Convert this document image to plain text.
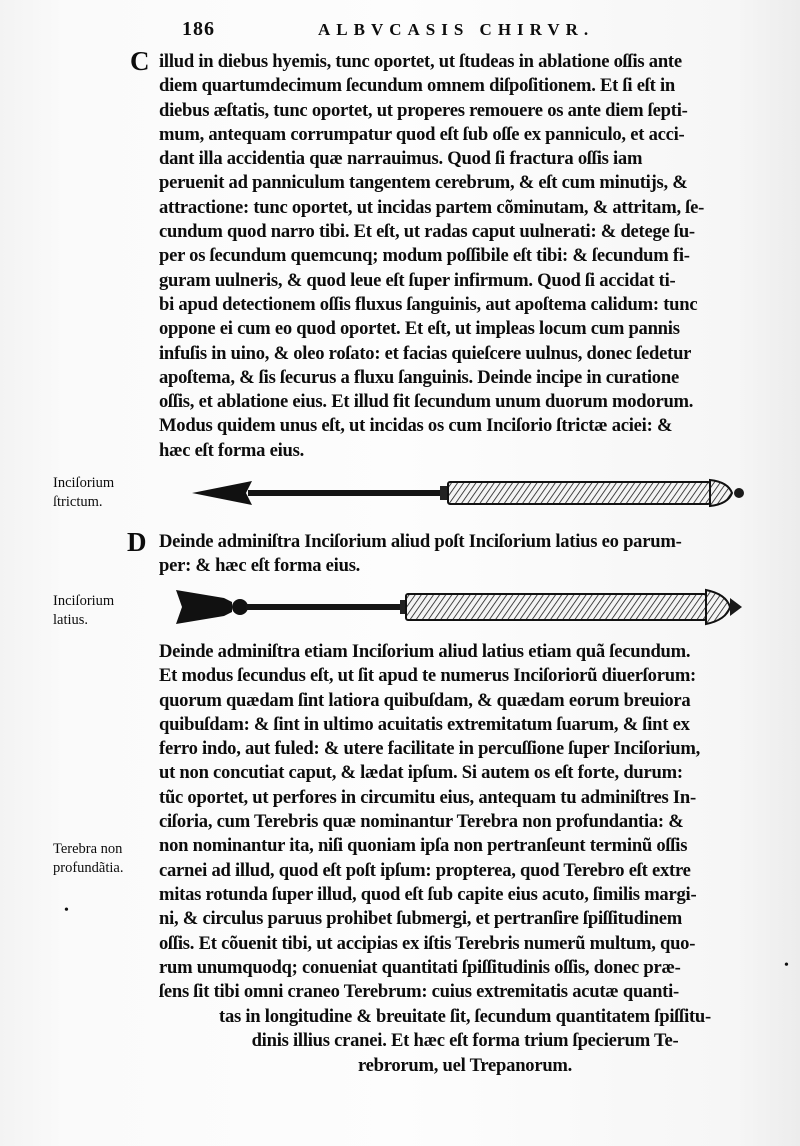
186	ALBVCASIS CHIRVR.
C illud in diebus hyemis, tunc oportet, ut ſtudeas in ablatione oſſis ante
diem quartumdecimum ſecundum omnem diſpoſitionem. Et ſi eſt in
diebus æſtatis, tunc oportet, ut properes remouere os ante diem ſepti-
mum, antequam corrumpatur quod eſt ſub oſſe ex panniculo, et acci-
dant illa accidentia quæ narrauimus. Quod ſi fractura oſſis iam
peruenit ad panniculum tangentem cerebrum, & eſt cum minutijs, &
attractione: tunc oportet, ut incidas partem cõminutam, & attritam, ſe-
cundum quod narro tibi. Et eſt, ut radas caput uulnerati: & detege ſu-
per os ſecundum quemcunq; modum poſſibile eſt tibi: & ſecundum fi-
guram uulneris, & quod leue eſt ſuper infirmum. Quod ſi accidat ti-
bi apud detectionem oſſis fluxus ſanguinis, aut apoſtema calidum: tunc
oppone ei cum eo quod oportet. Et eſt, ut impleas locum cum pannis
infuſis in uino, & oleo roſato: et facias quieſcere uulnus, donec ſedetur
apoſtema, & ſis ſecurus a fluxu ſanguinis. Deinde incipe in curatione
oſſis, et ablatione eius. Et illud fit ſecundum unum duorum modorum.
Modus quidem unus eſt, ut incidas os cum Inciſorio ſtrictæ aciei: &
hæc eſt forma eius.
Inciſorium
ſtrictum.
D Deinde adminiſtra Inciſorium aliud poſt Inciſorium latius eo parum-
per: & hæc eſt forma eius.
Inciſorium
latius.
Deinde adminiſtra etiam Inciſorium aliud latius etiam quã ſecundum.
Et modus ſecundus eſt, ut ſit apud te numerus Inciſoriorũ diuerſorum:
quorum quædam ſint latiora quibuſdam, & quædam eorum breuiora
quibuſdam: & ſint in ultimo acuitatis extremitatum ſuarum, & ſint ex
ferro indo, aut fuled: & utere facilitate in percuſſione ſuper Inciſorium,
ut non concutiat caput, & lædat ipſum. Si autem os eſt forte, durum:
tũc oportet, ut perfores in circumitu eius, antequam tu adminiſtres In-
ciſoria, cum Terebris quæ nominantur Terebra non profundantia: &
non nominantur ita, niſi quoniam ipſa non pertranſeunt terminũ oſſis
carnei ad illud, quod eſt poſt ipſum: propterea, quod Terebro eſt extre
mitas rotunda ſuper illud, quod eſt ſub capite eius acuto, ſimilis margi-
ni, & circulus paruus prohibet ſubmergi, et pertranſire ſpiſſitudinem
oſſis. Et cõuenit tibi, ut accipias ex iſtis Terebris numerũ multum, quo-
rum unumquodq; conueniat quantitati ſpiſſitudinis oſſis, donec præ-
ſens ſit tibi omni craneo Terebrum: cuius extremitatis acutæ quanti-
Terebra non
profundãtia.
•
•
tas in longitudine & breuitate ſit, ſecundum quantitatem ſpiſſitu-
dinis illius cranei. Et hæc eſt forma trium ſpecierum Te-
rebrorum, uel Trepanorum.
